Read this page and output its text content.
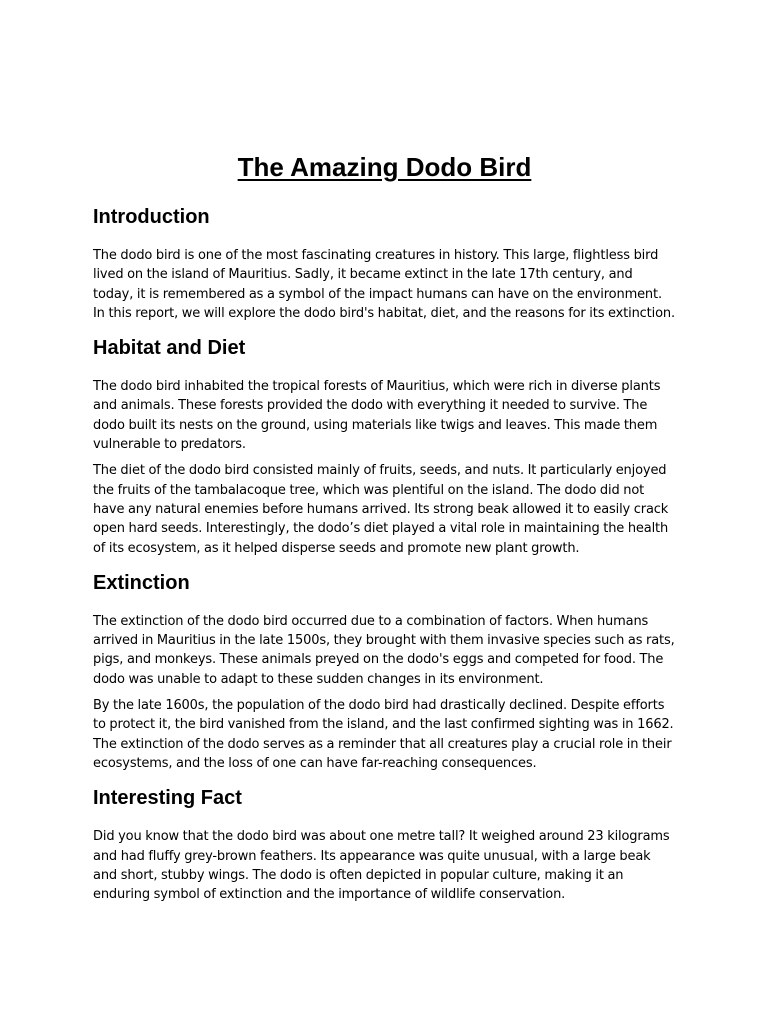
The Amazing Dodo Bird
Introduction

The dodo bird is one of the most fascinating creatures in history. This large, flightless bird lived on the island of Mauritius. Sadly, it became extinct in the late 17th century, and today, it is remembered as a symbol of the impact humans can have on the environment. In this report, we will explore the dodo bird's habitat, diet, and the reasons for its extinction.

Habitat and Diet

The dodo bird inhabited the tropical forests of Mauritius, which were rich in diverse plants and animals. These forests provided the dodo with everything it needed to survive. The dodo built its nests on the ground, using materials like twigs and leaves. This made them vulnerable to predators.

The diet of the dodo bird consisted mainly of fruits, seeds, and nuts. It particularly enjoyed the fruits of the tambalacoque tree, which was plentiful on the island. The dodo did not have any natural enemies before humans arrived. Its strong beak allowed it to easily crack open hard seeds. Interestingly, the dodo’s diet played a vital role in maintaining the health of its ecosystem, as it helped disperse seeds and promote new plant growth.

Extinction

The extinction of the dodo bird occurred due to a combination of factors. When humans arrived in Mauritius in the late 1500s, they brought with them invasive species such as rats, pigs, and monkeys. These animals preyed on the dodo's eggs and competed for food. The dodo was unable to adapt to these sudden changes in its environment.

By the late 1600s, the population of the dodo bird had drastically declined. Despite efforts to protect it, the bird vanished from the island, and the last confirmed sighting was in 1662. The extinction of the dodo serves as a reminder that all creatures play a crucial role in their ecosystems, and the loss of one can have far-reaching consequences.

Interesting Fact

Did you know that the dodo bird was about one metre tall? It weighed around 23 kilograms and had fluffy grey-brown feathers. Its appearance was quite unusual, with a large beak and short, stubby wings. The dodo is often depicted in popular culture, making it an enduring symbol of extinction and the importance of wildlife conservation.
